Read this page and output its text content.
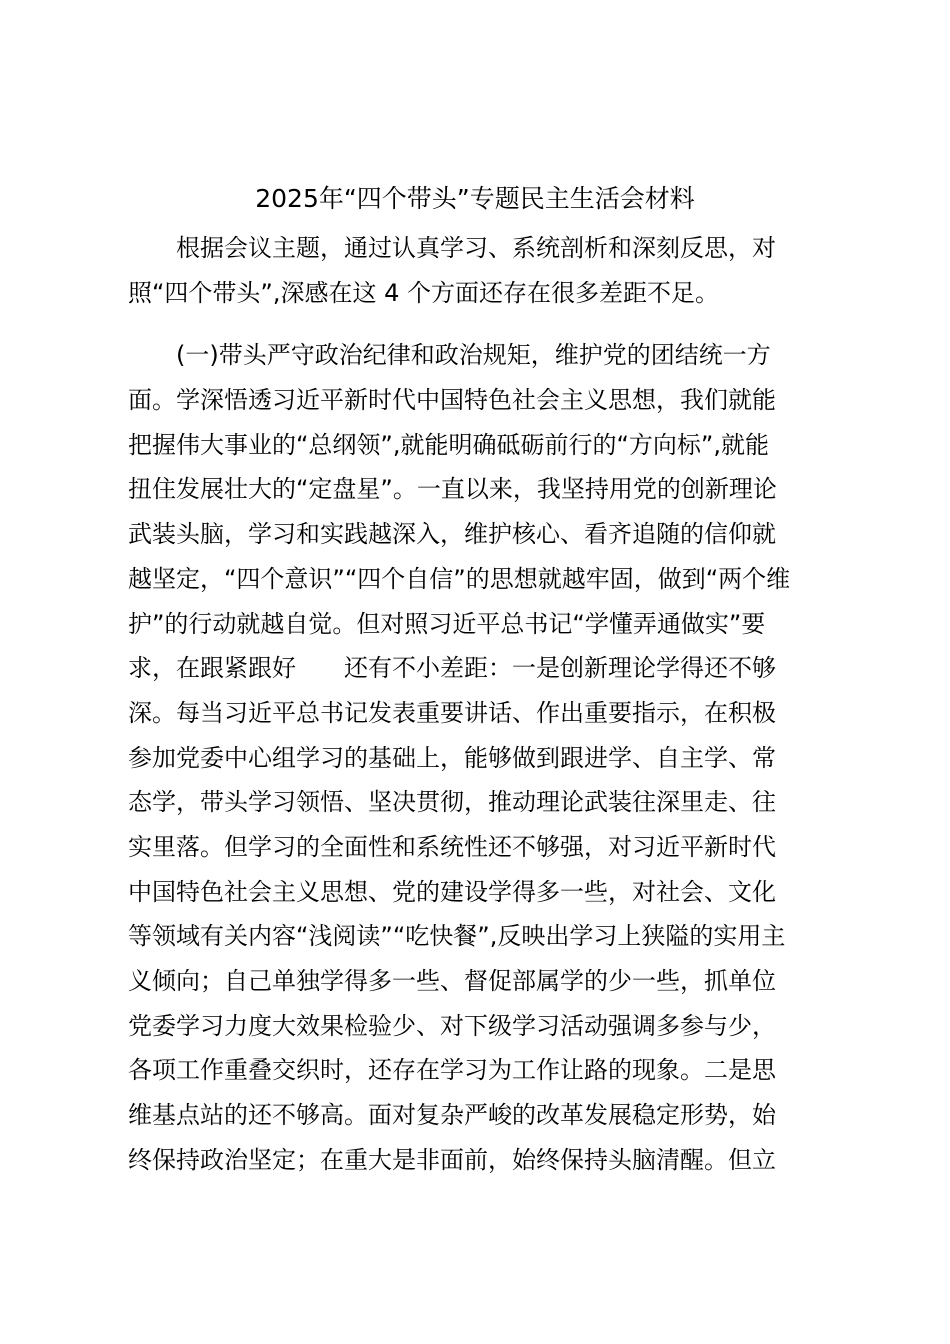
2025年“四个带头”专题民主生活会材料
根据会议主题，通过认真学习、系统剖析和深刻反思，对
照“四个带头”,深感在这 4 个方面还存在很多差距不足。
(一)带头严守政治纪律和政治规矩，维护党的团结统一方
面。学深悟透习近平新时代中国特色社会主义思想，我们就能
把握伟大事业的“总纲领”,就能明确砥砺前行的“方向标”,就能
扭住发展壮大的“定盘星”。一直以来，我坚持用党的创新理论
武装头脑，学习和实践越深入，维护核心、看齐追随的信仰就
越坚定，“四个意识”“四个自信”的思想就越牢固，做到“两个维
护”的行动就越自觉。但对照习近平总书记“学懂弄通做实”要
求，在跟紧跟好　　还有不小差距：一是创新理论学得还不够
深。每当习近平总书记发表重要讲话、作出重要指示，在积极
参加党委中心组学习的基础上，能够做到跟进学、自主学、常
态学，带头学习领悟、坚决贯彻，推动理论武装往深里走、往
实里落。但学习的全面性和系统性还不够强，对习近平新时代
中国特色社会主义思想、党的建设学得多一些，对社会、文化
等领域有关内容“浅阅读”“吃快餐”,反映出学习上狭隘的实用主
义倾向；自己单独学得多一些、督促部属学的少一些，抓单位
党委学习力度大效果检验少、对下级学习活动强调多参与少，
各项工作重叠交织时，还存在学习为工作让路的现象。二是思
维基点站的还不够高。面对复杂严峻的改革发展稳定形势，始
终保持政治坚定；在重大是非面前，始终保持头脑清醒。但立
